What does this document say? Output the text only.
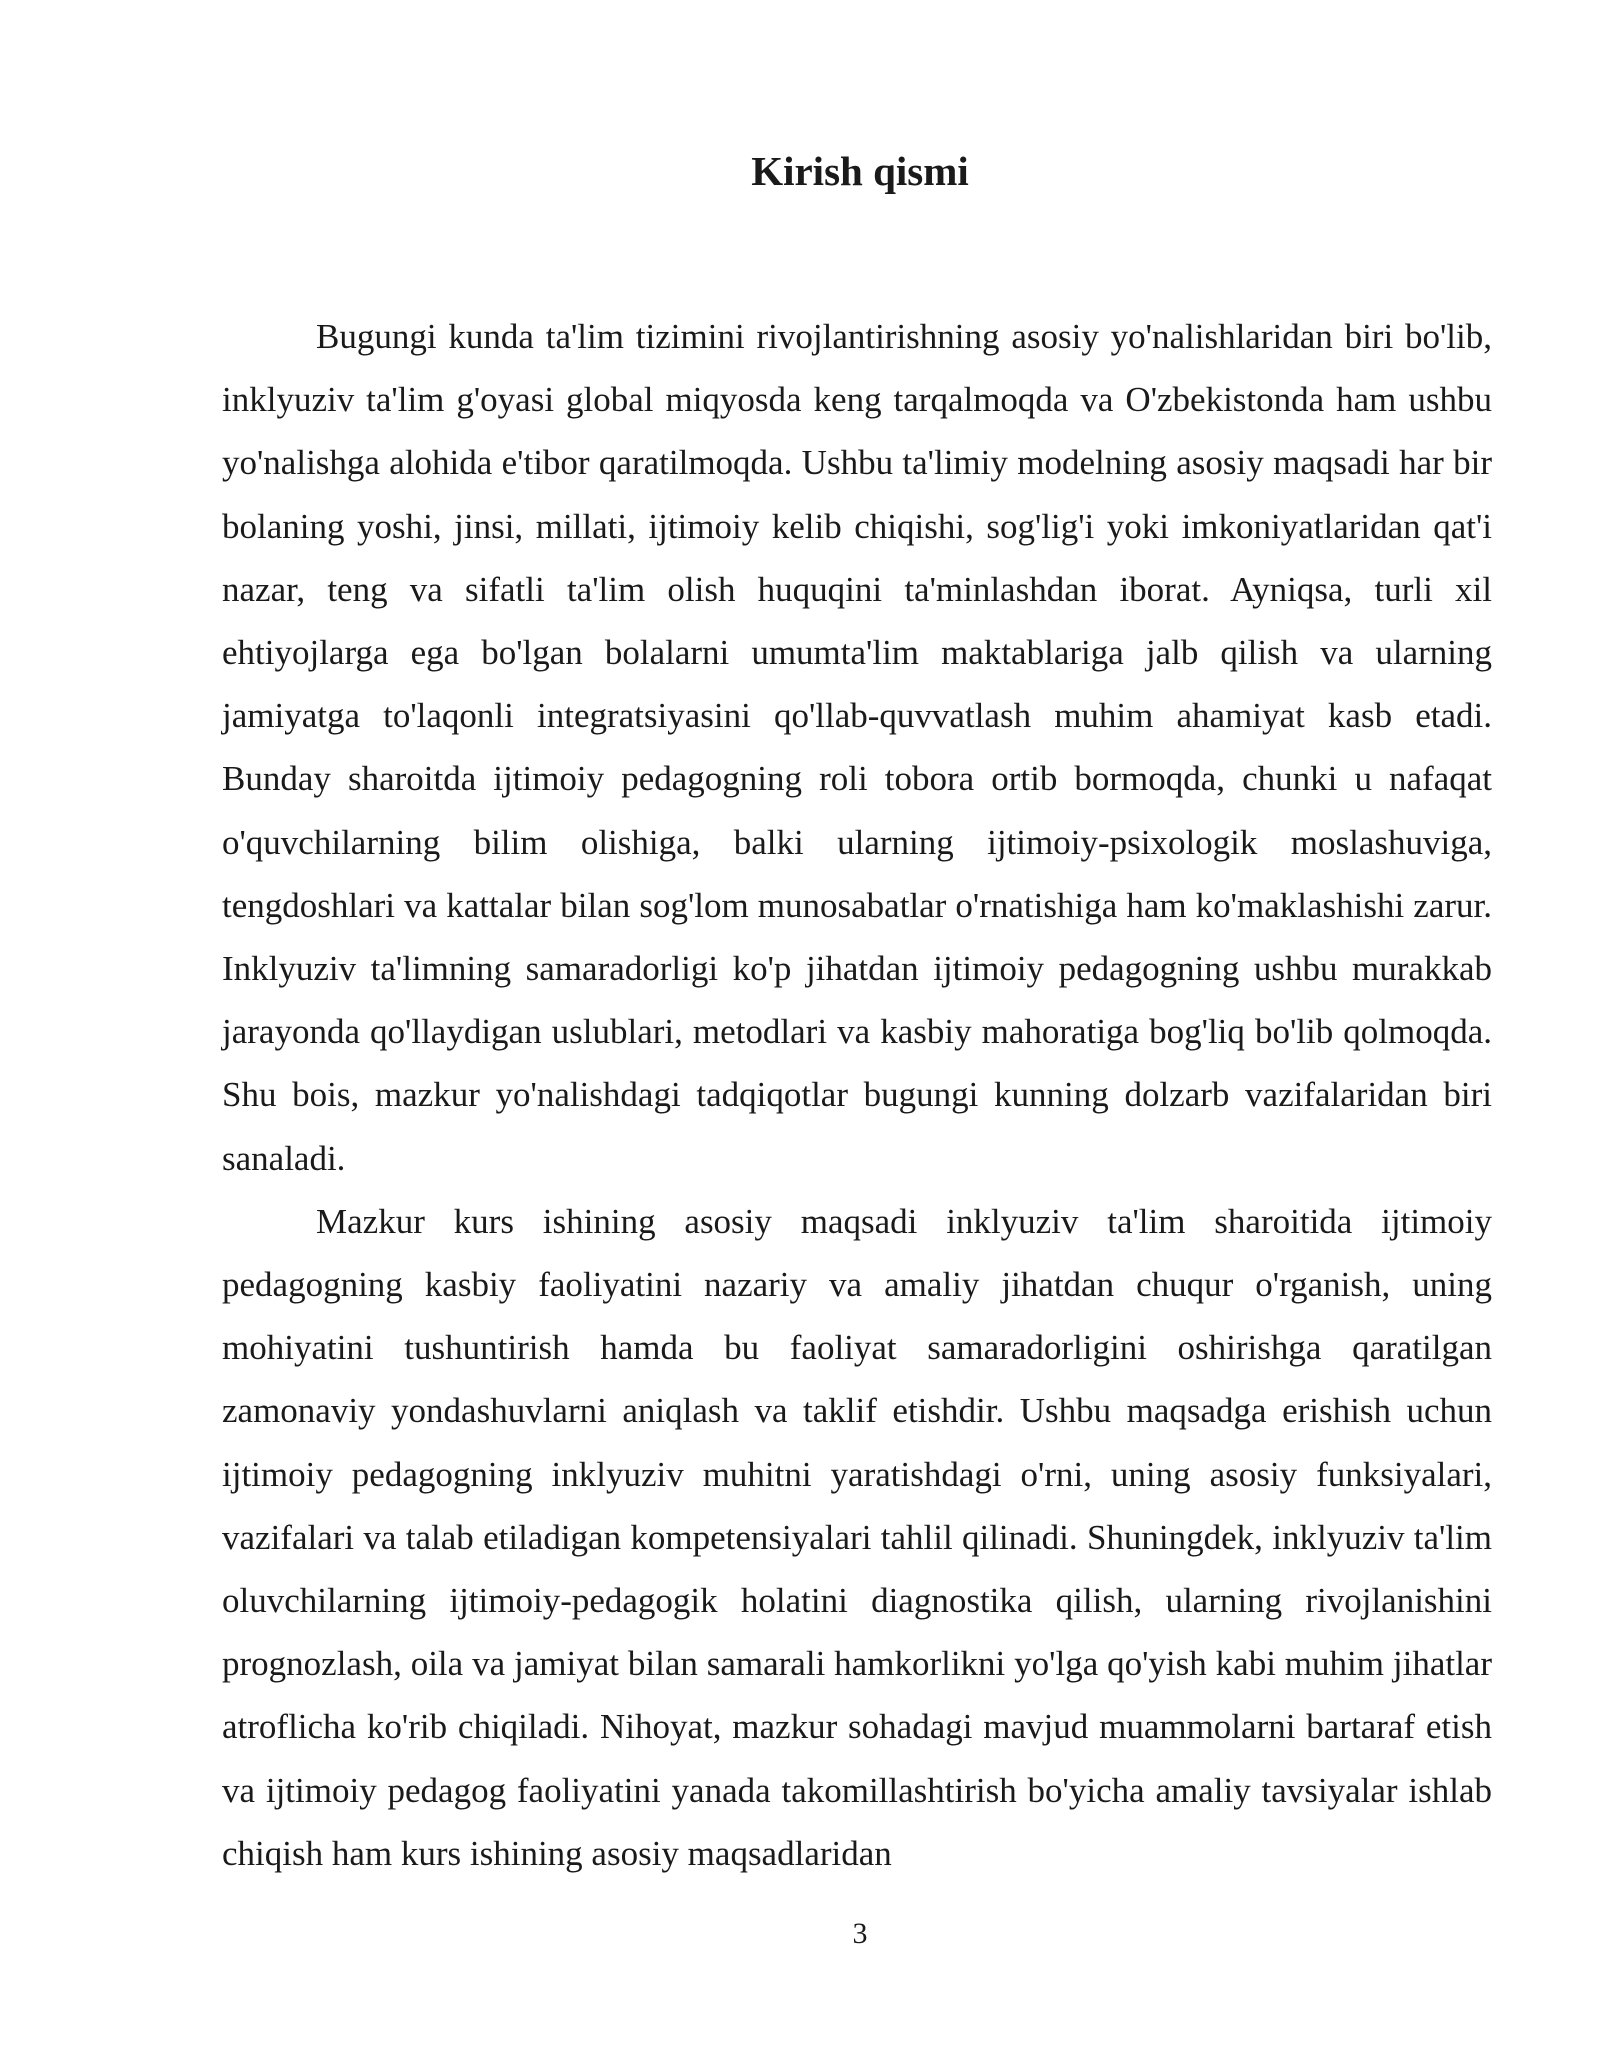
Kirish qismi

Bugungi kunda ta'lim tizimini rivojlantirishning asosiy yo'nalishlaridan biri bo'lib, inklyuziv ta'lim g'oyasi global miqyosda keng tarqalmoqda va O'zbekistonda ham ushbu yo'nalishga alohida e'tibor qaratilmoqda. Ushbu ta'limiy modelning asosiy maqsadi har bir bolaning yoshi, jinsi, millati, ijtimoiy kelib chiqishi, sog'lig'i yoki imkoniyatlaridan qat'i nazar, teng va sifatli ta'lim olish huquqini ta'minlashdan iborat. Ayniqsa, turli xil ehtiyojlarga ega bo'lgan bolalarni umumta'lim maktablariga jalb qilish va ularning jamiyatga to'laqonli integratsiyasini qo'llab-quvvatlash muhim ahamiyat kasb etadi. Bunday sharoitda ijtimoiy pedagogning roli tobora ortib bormoqda, chunki u nafaqat o'quvchilarning bilim olishiga, balki ularning ijtimoiy-psixologik moslashuviga, tengdoshlari va kattalar bilan sog'lom munosabatlar o'rnatishiga ham ko'maklashishi zarur. Inklyuziv ta'limning samaradorligi ko'p jihatdan ijtimoiy pedagogning ushbu murakkab jarayonda qo'llaydigan uslublari, metodlari va kasbiy mahoratiga bog'liq bo'lib qolmoqda. Shu bois, mazkur yo'nalishdagi tadqiqotlar bugungi kunning dolzarb vazifalaridan biri sanaladi.

Mazkur kurs ishining asosiy maqsadi inklyuziv ta'lim sharoitida ijtimoiy pedagogning kasbiy faoliyatini nazariy va amaliy jihatdan chuqur o'rganish, uning mohiyatini tushuntirish hamda bu faoliyat samaradorligini oshirishga qaratilgan zamonaviy yondashuvlarni aniqlash va taklif etishdir. Ushbu maqsadga erishish uchun ijtimoiy pedagogning inklyuziv muhitni yaratishdagi o'rni, uning asosiy funksiyalari, vazifalari va talab etiladigan kompetensiyalari tahlil qilinadi. Shuningdek, inklyuziv ta'lim oluvchilarning ijtimoiy-pedagogik holatini diagnostika qilish, ularning rivojlanishini prognozlash, oila va jamiyat bilan samarali hamkorlikni yo'lga qo'yish kabi muhim jihatlar atroflicha ko'rib chiqiladi. Nihoyat, mazkur sohadagi mavjud muammolarni bartaraf etish va ijtimoiy pedagog faoliyatini yanada takomillashtirish bo'yicha amaliy tavsiyalar ishlab chiqish ham kurs ishining asosiy maqsadlaridan

3
